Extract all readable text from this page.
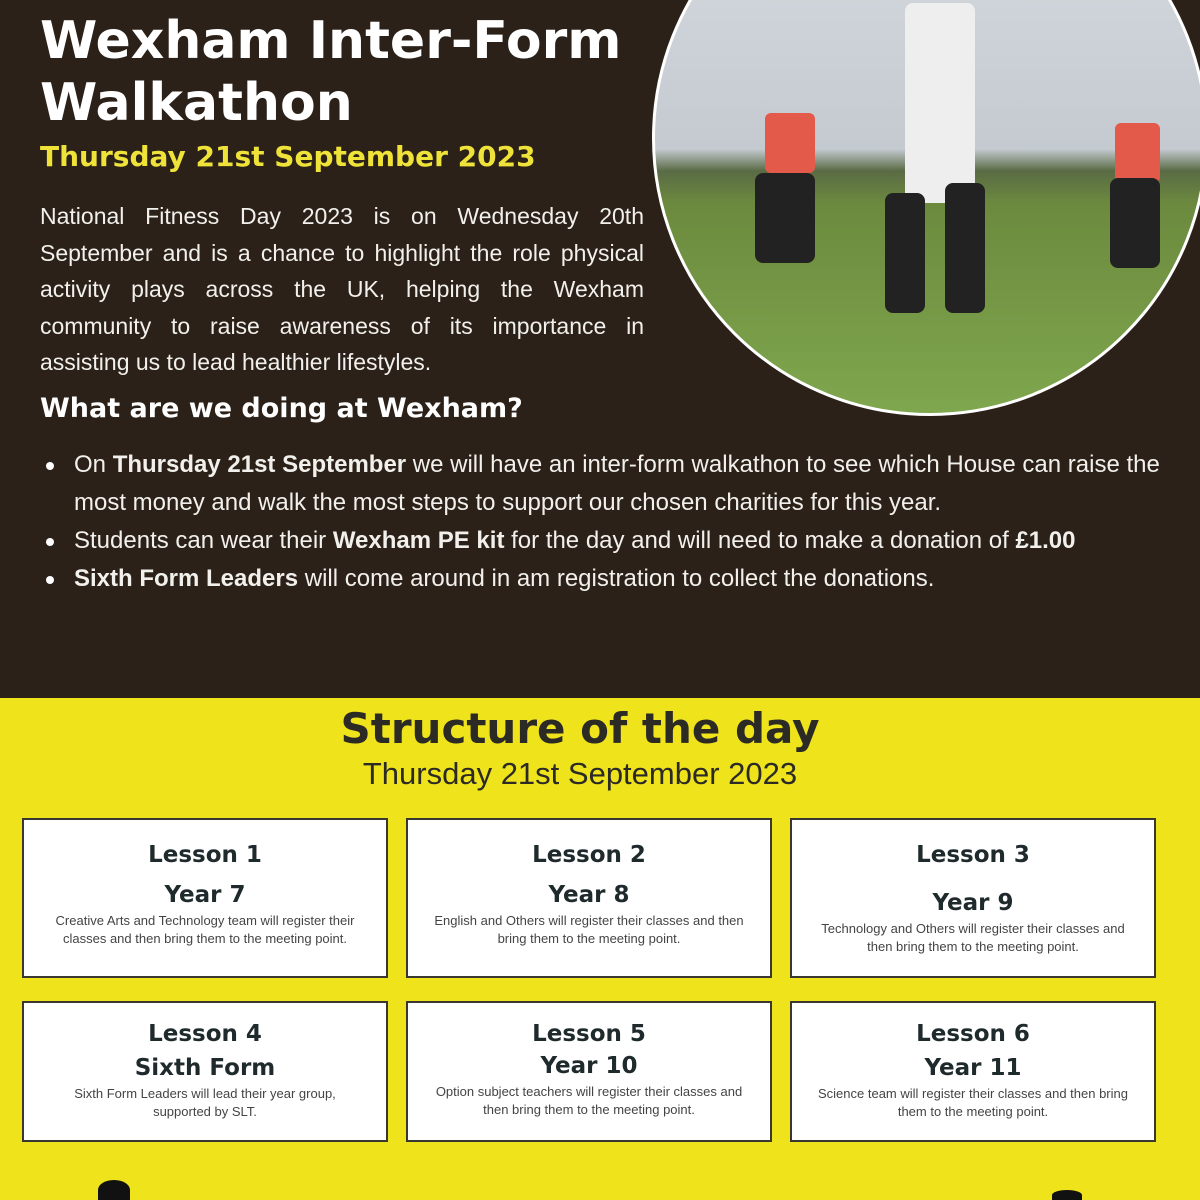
Wexham Inter-Form Walkathon
Thursday 21st September 2023

National Fitness Day 2023 is on Wednesday 20th September and is a chance to highlight the role physical activity plays across the UK, helping the Wexham community to raise awareness of its importance in assisting us to lead healthier lifestyles.

What are we doing at Wexham?
On Thursday 21st September we will have an inter-form walkathon to see which House can raise the most money and walk the most steps to support our chosen charities for this year.
Students can wear their Wexham PE kit for the day and will need to make a donation of £1.00
Sixth Form Leaders will come around in am registration to collect the donations.
Structure of the day
Thursday 21st September 2023
Lesson 1
Year 7
Creative Arts and Technology team will register their classes and then bring them to the meeting point.
Lesson 2
Year 8
English and Others will register their classes and then bring them to the meeting point.
Lesson 3
Year 9
Technology and Others will register their classes and then bring them to the meeting point.
Lesson 4
Sixth Form
Sixth Form Leaders will lead their year group, supported by SLT.
Lesson 5
Year 10
Option subject teachers will register their classes and then bring them to the meeting point.
Lesson 6
Year 11
Science team will register their classes and then bring them to the meeting point.
